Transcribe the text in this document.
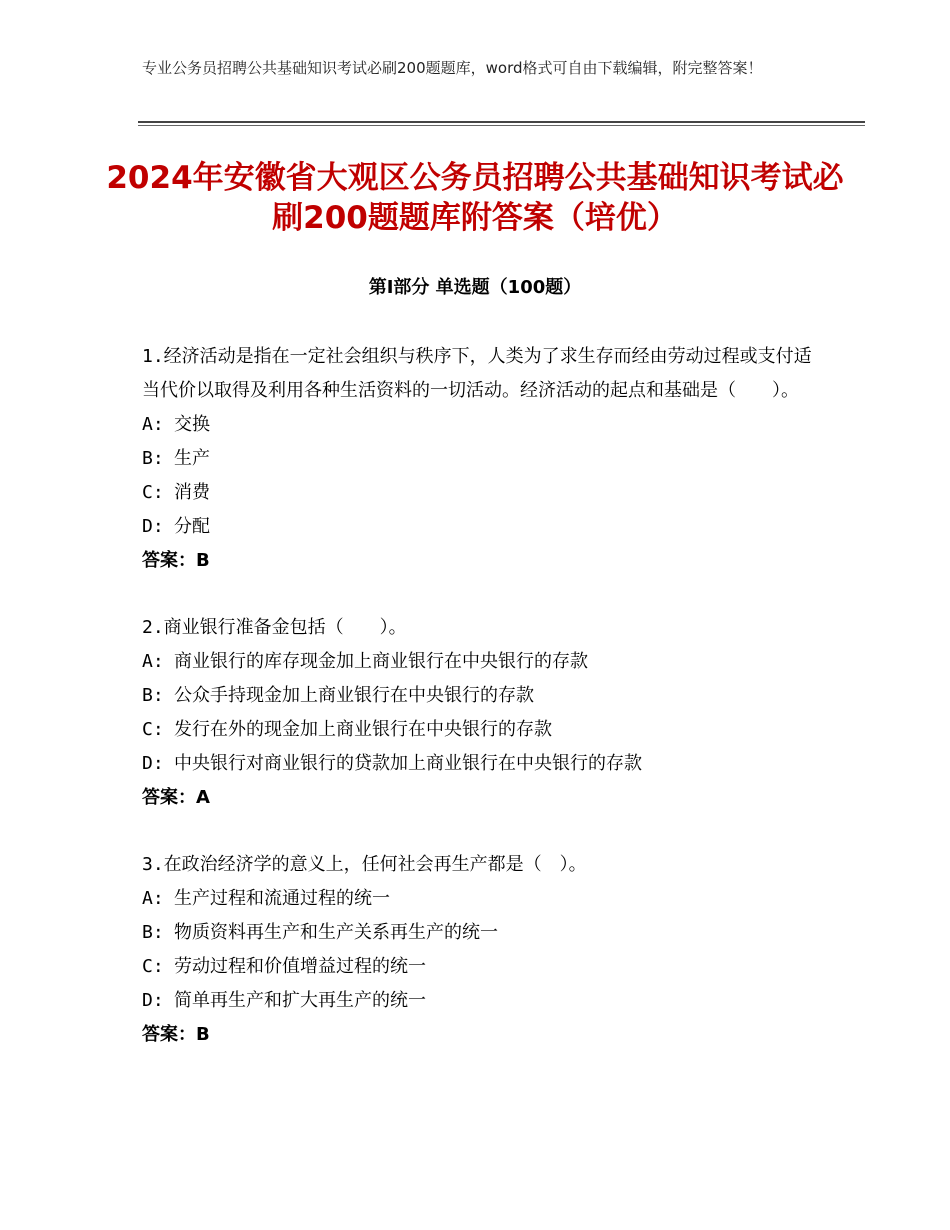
专业公务员招聘公共基础知识考试必刷200题题库，word格式可自由下载编辑，附完整答案！
2024年安徽省大观区公务员招聘公共基础知识考试必刷200题题库附答案（培优）
第Ⅰ部分 单选题（100题）

1.经济活动是指在一定社会组织与秩序下，人类为了求生存而经由劳动过程或支付适当代价以取得及利用各种生活资料的一切活动。经济活动的起点和基础是（　　）。

A: 交换

B: 生产

C: 消费

D: 分配

答案：B

2.商业银行准备金包括（　　）。

A: 商业银行的库存现金加上商业银行在中央银行的存款

B: 公众手持现金加上商业银行在中央银行的存款

C: 发行在外的现金加上商业银行在中央银行的存款

D: 中央银行对商业银行的贷款加上商业银行在中央银行的存款

答案：A

3.在政治经济学的意义上，任何社会再生产都是（　）。

A: 生产过程和流通过程的统一

B: 物质资料再生产和生产关系再生产的统一

C: 劳动过程和价值增益过程的统一

D: 简单再生产和扩大再生产的统一

答案：B
